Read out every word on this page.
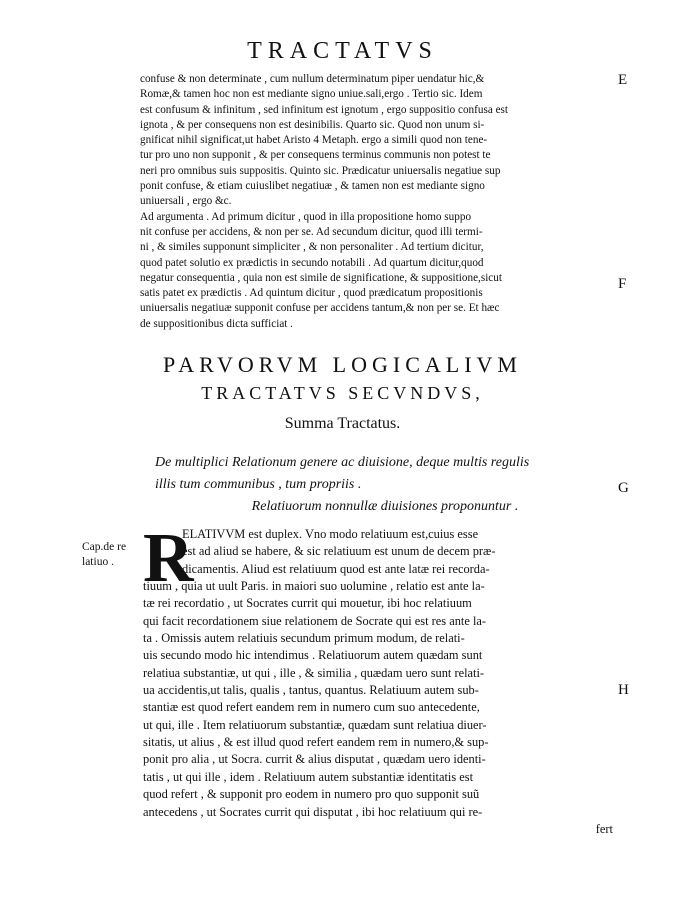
TRACTATVS
confuse & non determinate , cum nullum determinatum piper uendatur hic,&
Romæ,& tamen hoc non est mediante signo uniue.sali,ergo . Tertio sic. Idem
est confusum & infinitum , sed infinitum est ignotum , ergo suppositio confusa est
ignota , & per consequens non est desinibilis. Quarto sic. Quod non unum si-
gnificat nihil significat,ut habet Aristo 4 Metaph. ergo a simili quod non tene-
tur pro uno non supponit , & per consequens terminus communis non potest te
neri pro omnibus suis suppositis. Quinto sic. Prædicatur uniuersalis negatiue sup
ponit confuse, & etiam cuiuslibet negatiuæ , & tamen non est mediante signo
uniuersali , ergo &c.
Ad argumenta . Ad primum dicitur , quod in illa propositione homo suppo
nit confuse per accidens, & non per se. Ad secundum dicitur, quod illi termi-
ni , & similes supponunt simpliciter , & non personaliter . Ad tertium dicitur,
quod patet solutio ex prædictis in secundo notabili . Ad quartum dicitur,quod
negatur consequentia , quia non est simile de significatione, & suppositione,sicut
satis patet ex prædictis . Ad quintum dicitur , quod prædicatum propositionis
uniuersalis negatiuæ supponit confuse per accidens tantum,& non per se. Et hæc
de suppositionibus dicta sufficiat .
E
F
G
H
PARVORVM LOGICALIVM
TRACTATVS SECVNDVS,
Summa Tractatus.
De multiplici Relationum genere ac diuisione, deque multis regulis
illis tum communibus , tum propriis .
Relatiuorum nonnullæ diuisiones proponuntur .
Cap.de re
latiuo . R
ELATIVVM est duplex. Vno modo relatiuum est,cuius esse
est ad aliud se habere, & sic relatiuum est unum de decem præ-
dicamentis. Aliud est relatiuum quod est ante latæ rei recorda-
tiuum , quia ut uult Paris. in maiori suo uolumine , relatio est ante la-
tæ rei recordatio , ut Socrates currit qui mouetur, ibi hoc relatiuum
qui facit recordationem siue relationem de Socrate qui est res ante la-
ta . Omissis autem relatiuis secundum primum modum, de relati-
uis secundo modo hic intendimus . Relatiuorum autem quædam sunt
relatiua substantiæ, ut qui , ille , & similia , quædam uero sunt relati-
ua accidentis,ut talis, qualis , tantus, quantus. Relatiuum autem sub-
stantiæ est quod refert eandem rem in numero cum suo antecedente,
ut qui, ille . Item relatiuorum substantiæ, quædam sunt relatiua diuer-
sitatis, ut alius , & est illud quod refert eandem rem in numero,& sup-
ponit pro alia , ut Socra. currit & alius disputat , quædam uero identi-
tatis , ut qui ille , idem . Relatiuum autem substantiæ identitatis est
quod refert , & supponit pro eodem in numero pro quo supponit suũ
antecedens , ut Socrates currit qui disputat , ibi hoc relatiuum qui re-
fert
